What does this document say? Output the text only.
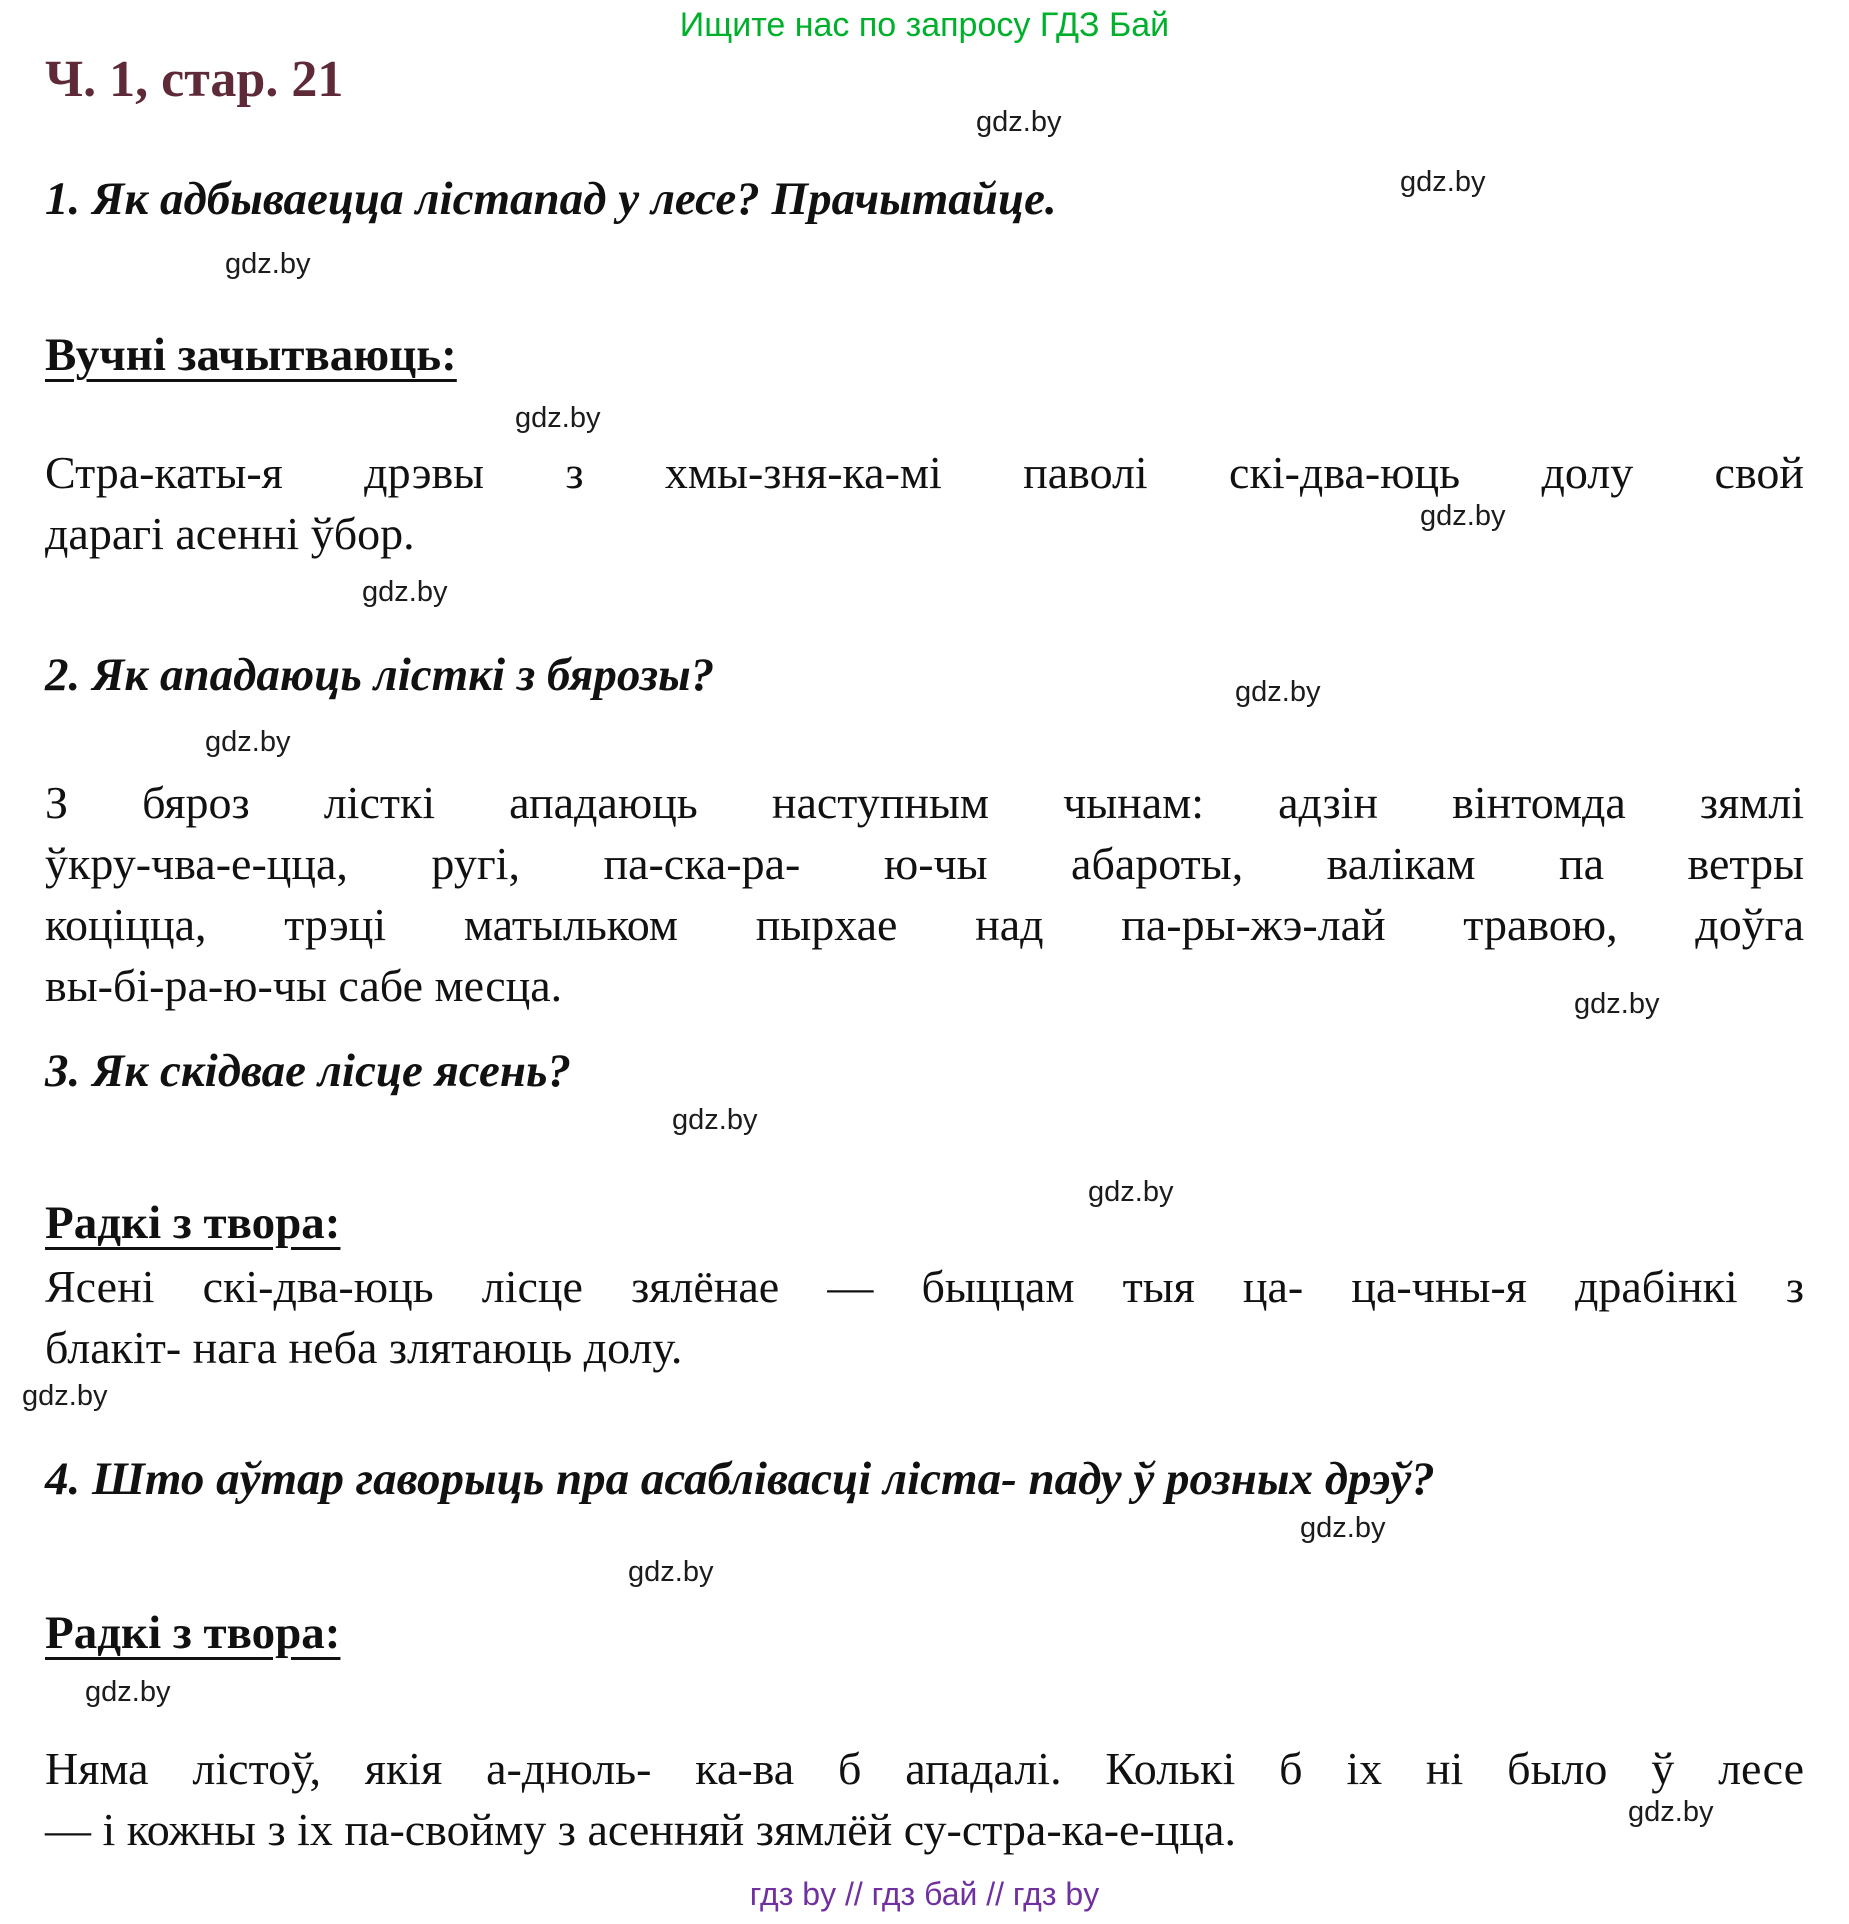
Ищите нас по запросу ГДЗ Бай
Ч. 1, стар. 21
1. Як адбываецца лістапад у лесе? Прачытайце.
Вучні зачытваюць:
Стра-каты-я дрэвы з хмы-зня-ка-мі паволі скі-два-юць долу свой
дарагі асенні ўбор.
2. Як ападаюць лісткі з бярозы?
З бяроз лісткі ападаюць наступным чынам: адзін вінтомда зямлі
ўкру-чва-е-цца, ругі, па-ска-ра- ю-чы абароты, валікам па ветры
коціцца, трэці матыльком пырхае над па-ры-жэ-лай травою, доўга
вы-бі-ра-ю-чы сабе месца.
3. Як скідвае лісце ясень?
Радкі з твора:
Ясені скі-два-юць лісце зялёнае — быццам тыя ца- ца-чны-я драбінкі з
блакіт- нага неба злятаюць долу.
4. Што аўтар гаворыць пра асаблівасці ліста- паду ў розных дрэў?
Радкі з твора:
Няма лістоў, якія а-дноль- ка-ва б ападалі. Колькі б іх ні было ў лесе
— і кожны з іх па-свойму з асенняй зямлёй су-стра-ка-е-цца.
gdz.by
gdz.by
gdz.by
gdz.by
gdz.by
gdz.by
gdz.by
gdz.by
gdz.by
gdz.by
gdz.by
gdz.by
gdz.by
gdz.by
gdz.by
gdz.by
гдз by // гдз бай // гдз by
